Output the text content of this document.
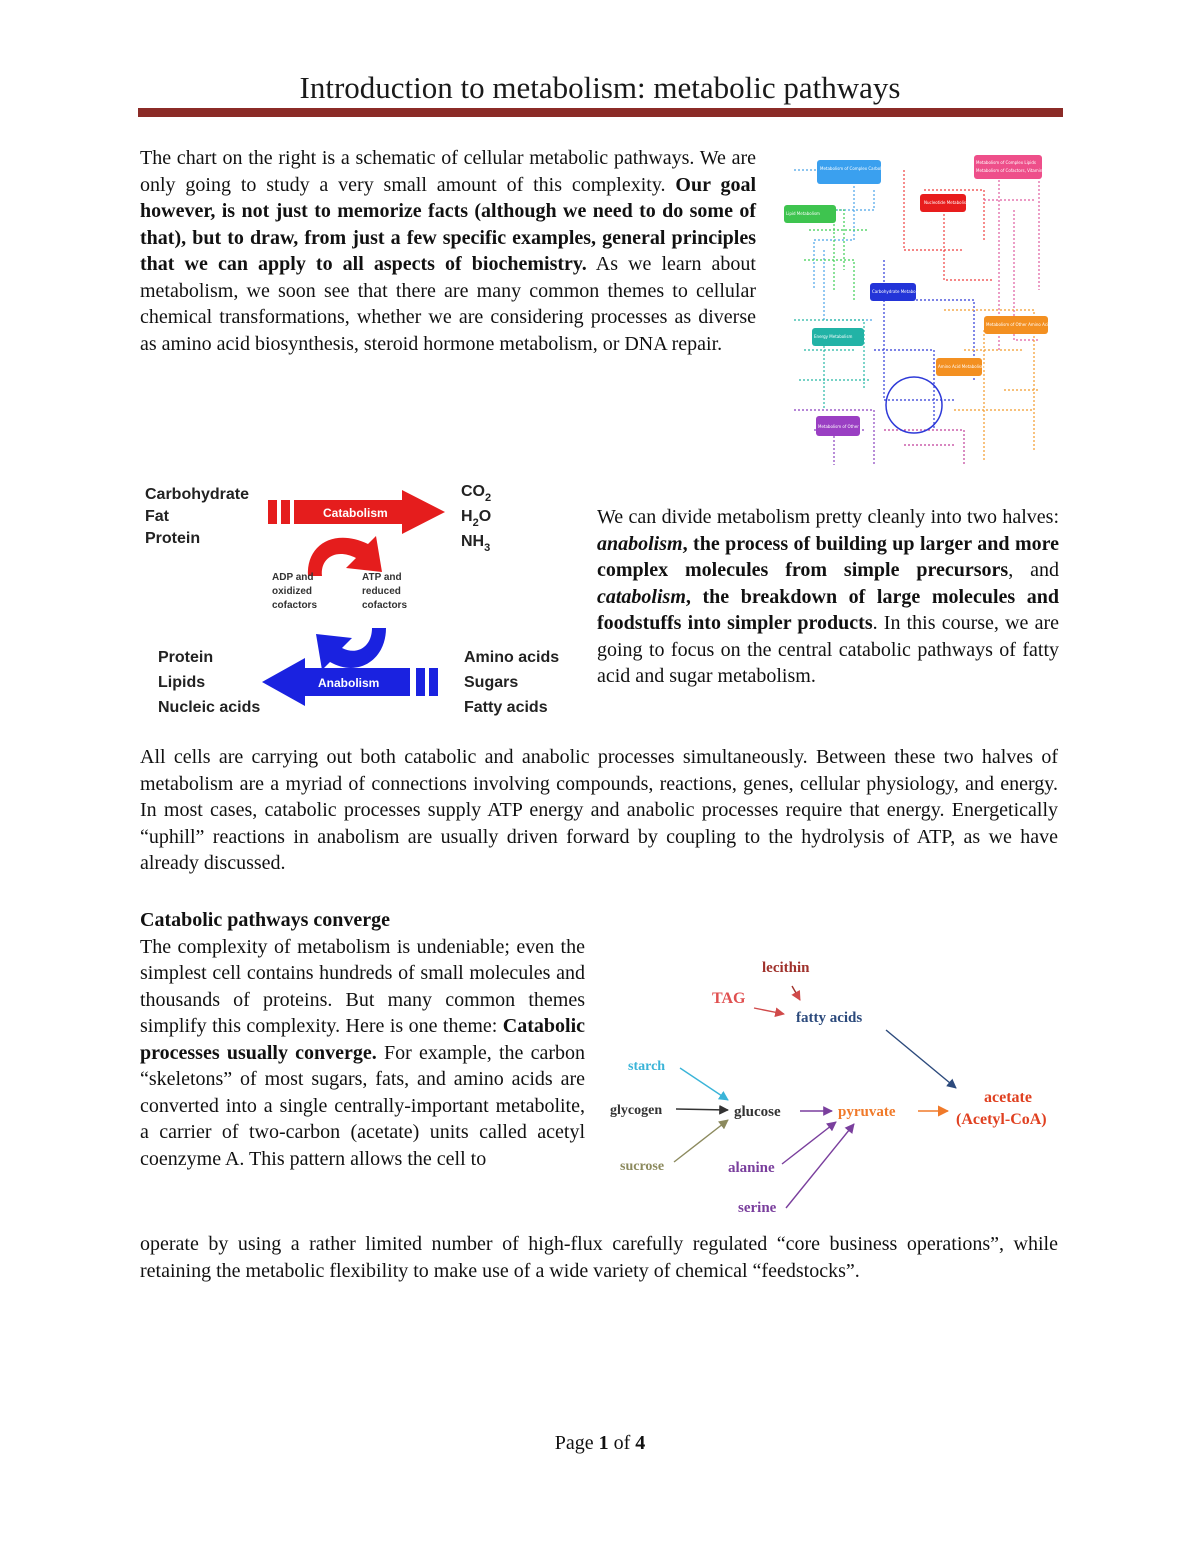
Introduction to metabolism: metabolic pathways

The chart on the right is a schematic of cellular metabolic pathways. We are only going to study a very small amount of this complexity. Our goal however, is not just to memorize facts (although we need to do some of that), but to draw, from just a few specific examples, general principles that we can apply to all aspects of biochemistry. As we learn about metabolism, we soon see that there are many common themes to cellular chemical transformations, whether we are considering processes as diverse as amino acid biosynthesis, steroid hormone metabolism, or DNA repair.

Metabolism of Complex Carbohydrates
Metabolism of Complex Lipids
Metabolism of Cofactors, Vitamins, and Other Substances
Nucleotide Metabolism
Carbohydrate Metabolism
Lipid Metabolism
Metabolism of Other Amino Acids
Amino Acid Metabolism
Energy Metabolism
Metabolism of Other Amino Acids
Carbohydrate
Fat
Protein
$CO_2$
$H_2O$
$NH_3$
Protein
Lipids
Nucleic acids
Amino acids
Sugars
Fatty acids
Catabolism
ADP and
oxidized
cofactors
ATP and
reduced
cofactors
Anabolism

We can divide metabolism pretty cleanly into two halves: anabolism, the process of building up larger and more complex molecules from simple precursors, and catabolism, the breakdown of large molecules and foodstuffs into simpler products. In this course, we are going to focus on the central catabolic pathways of fatty acid and sugar metabolism.

All cells are carrying out both catabolic and anabolic processes simultaneously. Between these two halves of metabolism are a myriad of connections involving compounds, reactions, genes, cellular physiology, and energy. In most cases, catabolic processes supply ATP energy and anabolic processes require that energy. Energetically “uphill” reactions in anabolism are usually driven forward by coupling to the hydrolysis of ATP, as we have already discussed.

Catabolic pathways converge

The complexity of metabolism is undeniable; even the simplest cell contains hundreds of small molecules and thousands of proteins. But many common themes simplify this complexity. Here is one theme: Catabolic processes usually converge. For example, the carbon “skeletons” of most sugars, fats, and amino acids are converted into a single centrally-important metabolite, a carrier of two-carbon (acetate) units called acetyl coenzyme A. This pattern allows the cell to

operate by using a rather limited number of high-flux carefully regulated “core business operations”, while retaining the metabolic flexibility to make use of a wide variety of chemical “feedstocks”.

lecithin
TAG
fatty acids
starch
glycogen
sucrose
glucose	pyruvate
alanine
serine
acetate
(Acetyl-CoA)
Page 1 of 4
